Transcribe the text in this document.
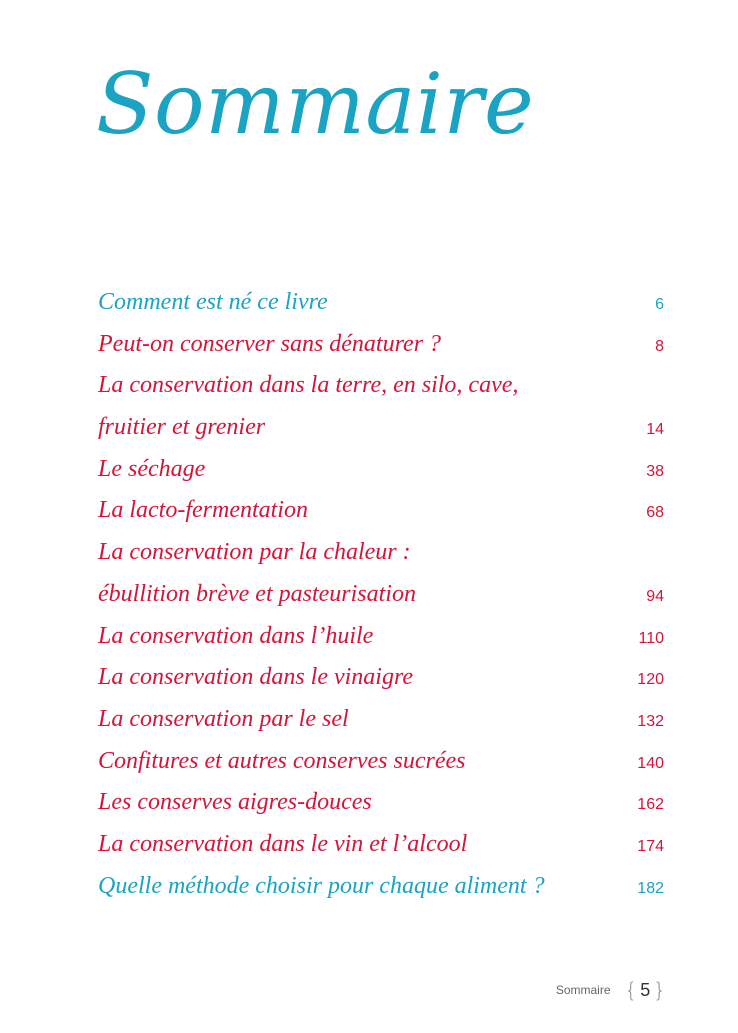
Sommaire
Comment est né ce livre	6
Peut-on conserver sans dénaturer ?	8
La conservation dans la terre, en silo, cave,
fruitier et grenier	14
Le séchage	38
La lacto-fermentation	68
La conservation par la chaleur :
ébullition brève et pasteurisation	94
La conservation dans l’huile	110
La conservation dans le vinaigre	120
La conservation par le sel	132
Confitures et autres conserves sucrées	140
Les conserves aigres-douces	162
La conservation dans le vin et l’alcool	174
Quelle méthode choisir pour chaque aliment ?	182
Sommaire { 5 }
